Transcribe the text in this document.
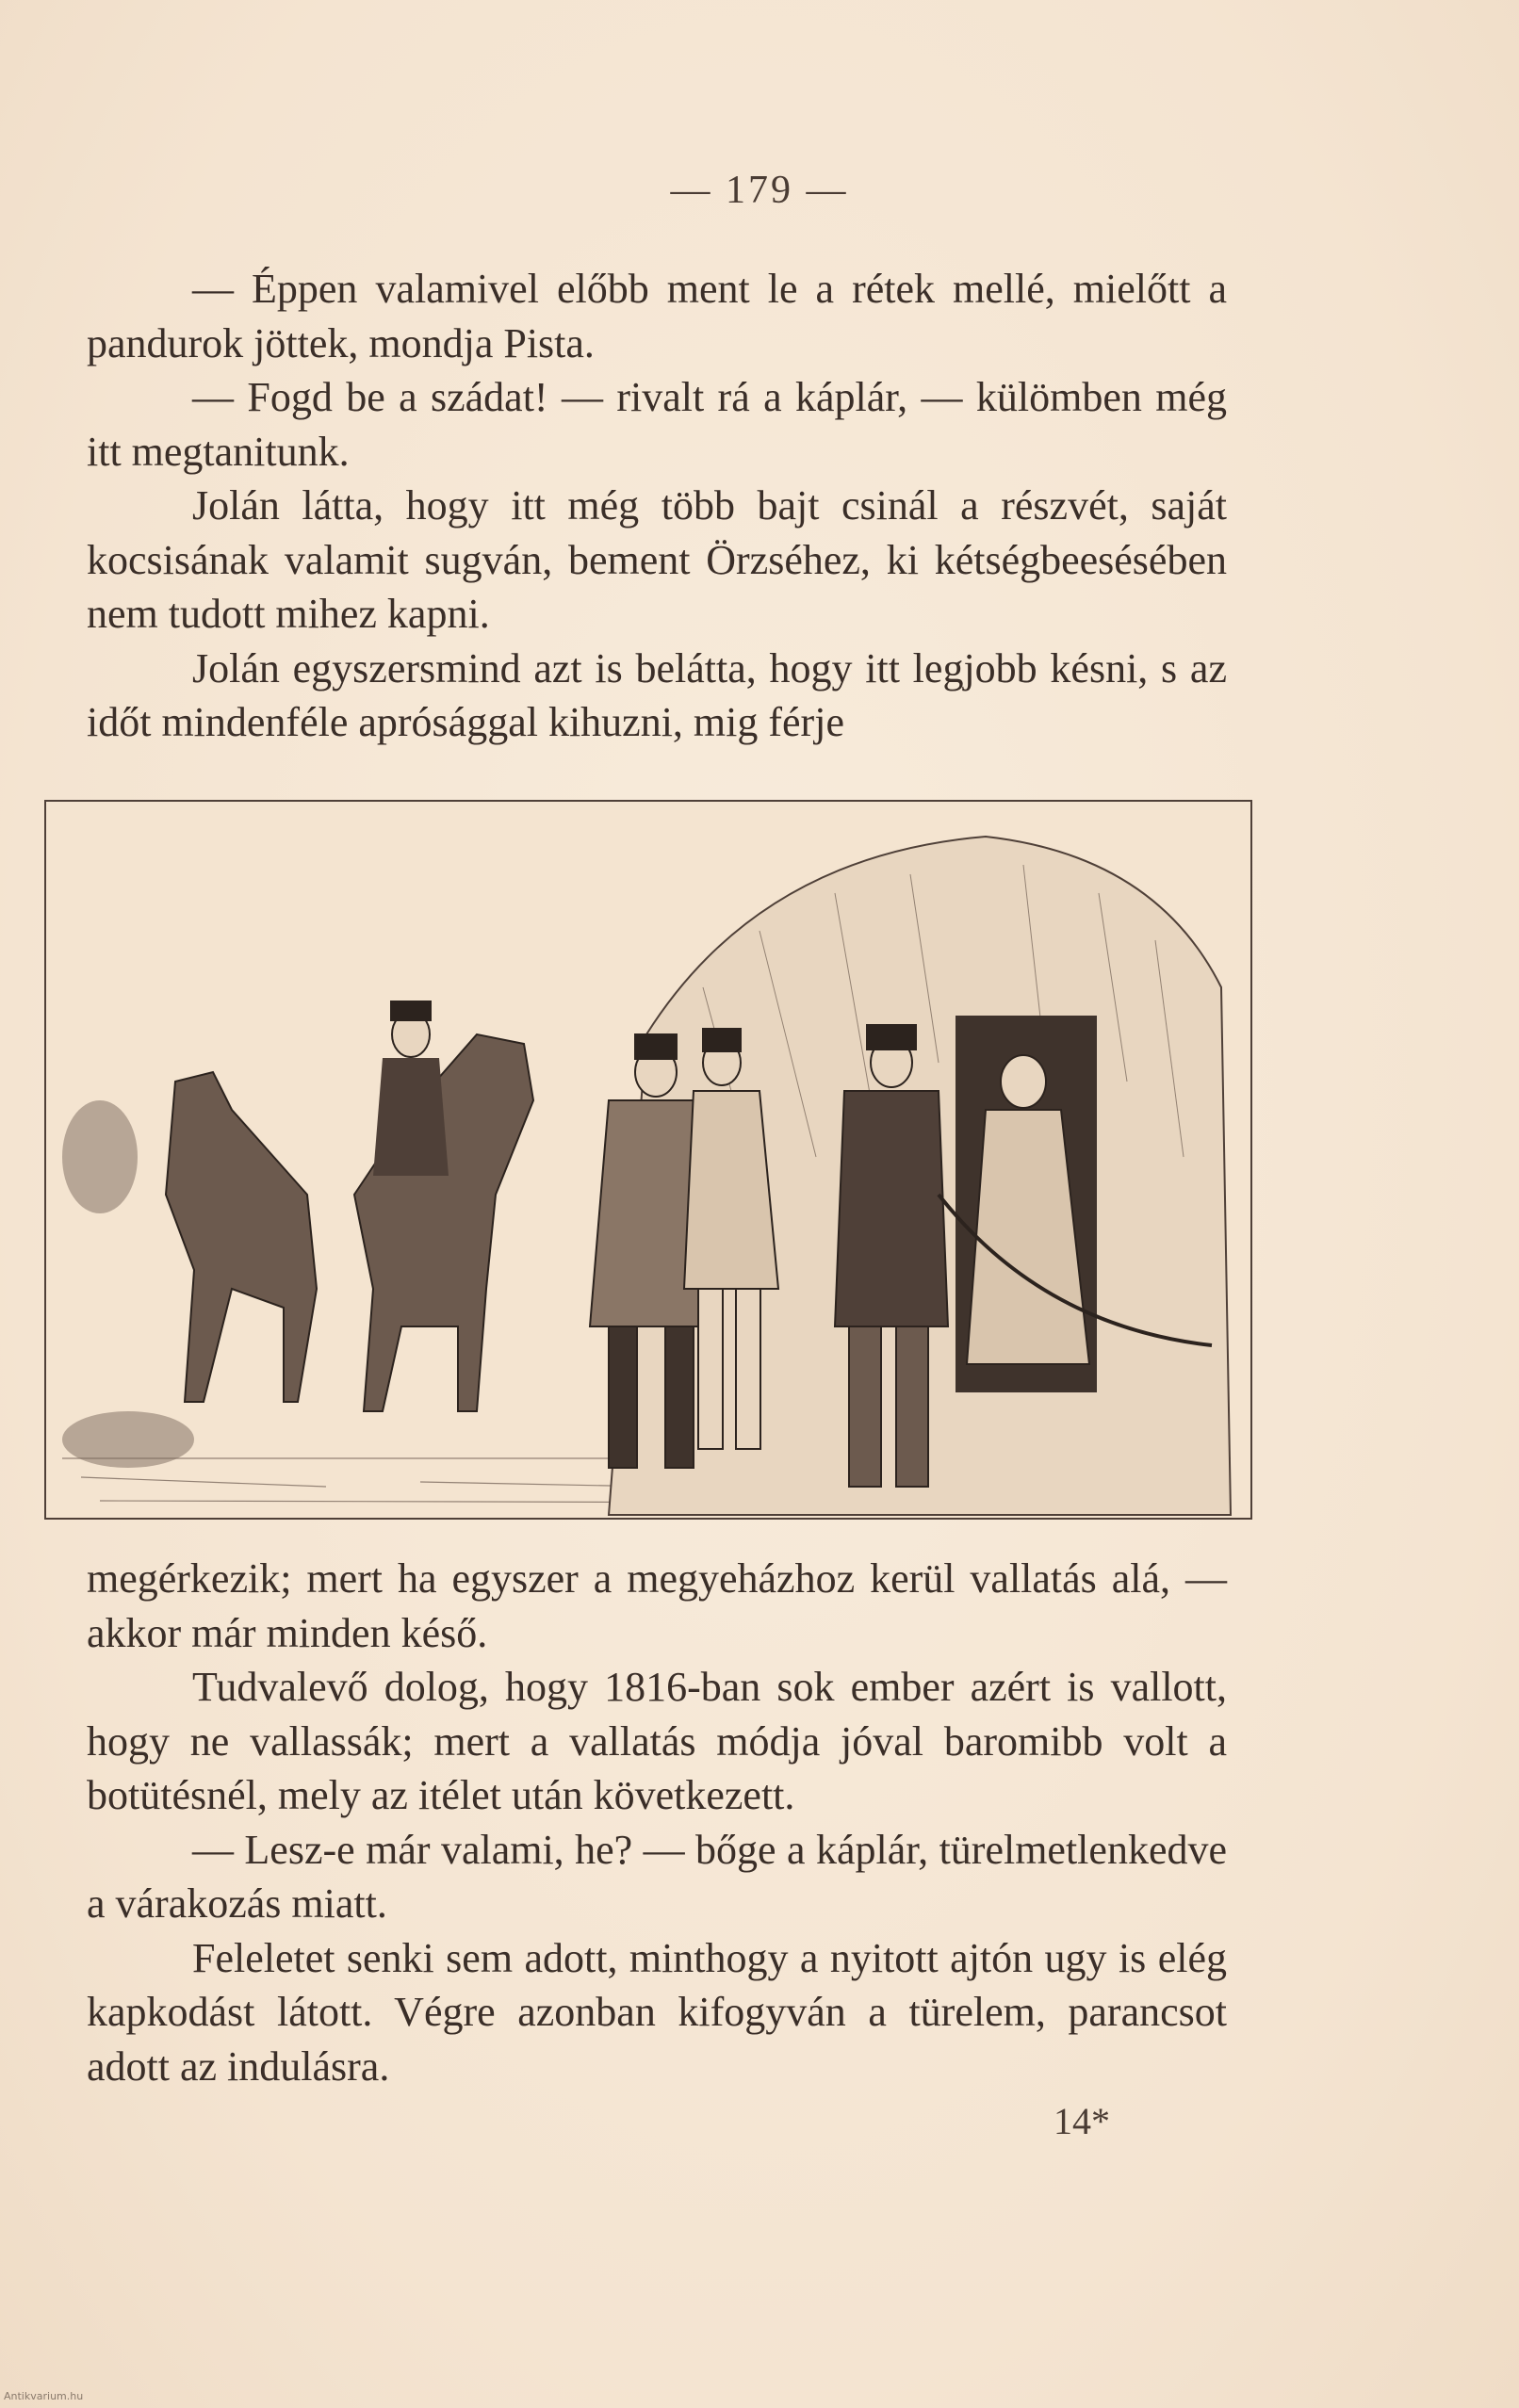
— 179 —

— Éppen valamivel előbb ment le a rétek mellé, mielőtt a pandurok jöttek, mondja Pista.

— Fogd be a szádat! — rivalt rá a káplár, — külömben még itt megtanitunk.

Jolán látta, hogy itt még több bajt csinál a részvét, saját kocsisának valamit sugván, bement Örzséhez, ki kétségbeesésében nem tudott mihez kapni.

Jolán egyszersmind azt is belátta, hogy itt legjobb késni, s az időt mindenféle aprósággal kihuzni, mig férje

megérkezik; mert ha egyszer a megyeházhoz kerül vallatás alá, — akkor már minden késő.

Tudvalevő dolog, hogy 1816-ban sok ember azért is vallott, hogy ne vallassák; mert a vallatás módja jóval baromibb volt a botütésnél, mely az itélet után következett.

— Lesz-e már valami, he? — bőge a káplár, türelmetlenkedve a várakozás miatt.

Feleletet senki sem adott, minthogy a nyitott ajtón ugy is elég kapkodást látott. Végre azonban kifogyván a türelem, parancsot adott az indulásra.

14*
Antikvarium.hu
